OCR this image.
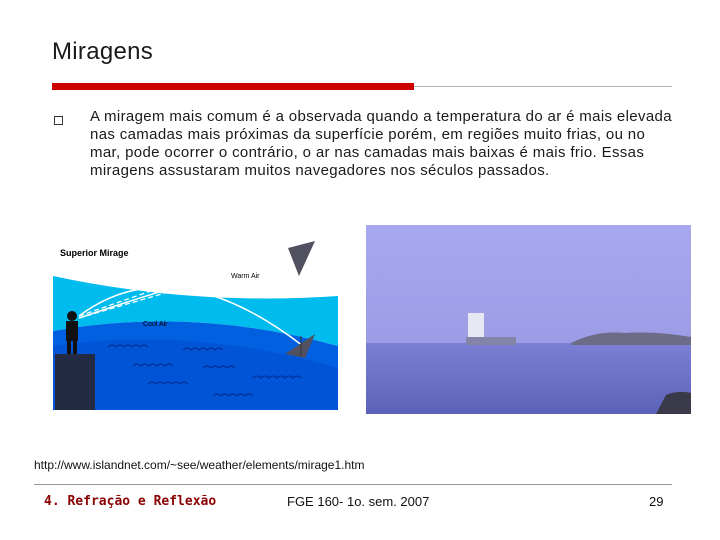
Miragens
A miragem mais comum é a observada quando a temperatura do ar é mais elevada nas camadas mais próximas da superfície porém, em regiões muito frias, ou no mar, pode ocorrer o contrário, o ar nas camadas mais baixas é mais frio. Essas miragens assustaram muitos navegadores nos séculos passados.
Superior Mirage
Warm Air
Cool Air
http://www.islandnet.com/~see/weather/elements/mirage1.htm
4. Refração e Reflexão	FGE 160- 1o. sem. 2007	29
